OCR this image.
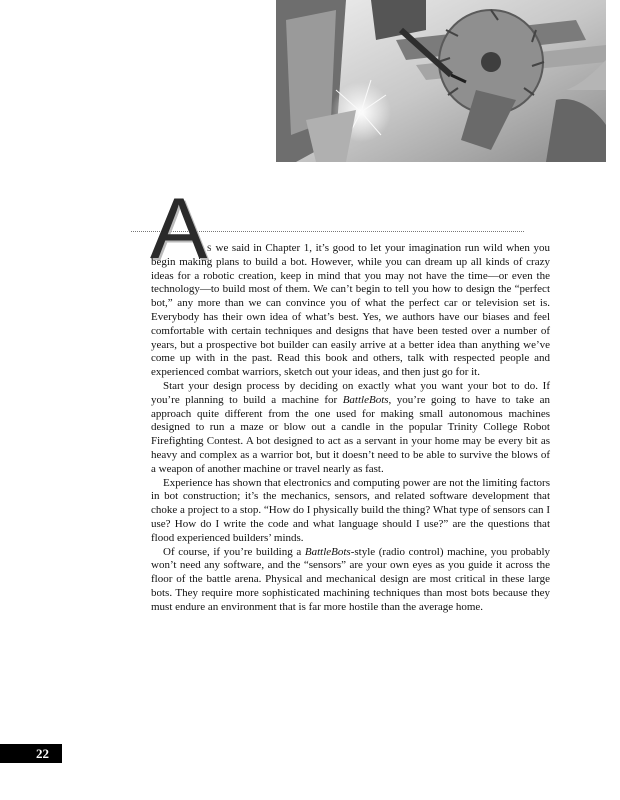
A S we said in Chapter 1, it’s good to let your imagination run wild when you begin making plans to build a bot. However, while you can dream up all kinds of crazy ideas for a robotic creation, keep in mind that you may not have the time—or even the technology—to build most of them. We can’t begin to tell you how to design the “perfect bot,” any more than we can convince you of what the perfect car or television set is. Everybody has their own idea of what’s best. Yes, we authors have our biases and feel comfortable with certain techniques and designs that have been tested over a number of years, but a prospective bot builder can easily arrive at a better idea than anything we’ve come up with in the past. Read this book and others, talk with respected people and experienced combat warriors, sketch out your ideas, and then just go for it.

Start your design process by deciding on exactly what you want your bot to do. If you’re planning to build a machine for BattleBots, you’re going to have to take an approach quite different from the one used for making small autonomous machines designed to run a maze or blow out a candle in the popular Trinity College Robot Firefighting Contest. A bot designed to act as a servant in your home may be every bit as heavy and complex as a warrior bot, but it doesn’t need to be able to survive the blows of a weapon of another machine or travel nearly as fast.

Experience has shown that electronics and computing power are not the limiting factors in bot construction; it’s the mechanics, sensors, and related software development that choke a project to a stop. “How do I physically build the thing? What type of sensors can I use? How do I write the code and what language should I use?” are the questions that flood experienced builders’ minds.

Of course, if you’re building a BattleBots-style (radio control) machine, you probably won’t need any software, and the “sensors” are your own eyes as you guide it across the floor of the battle arena. Physical and mechanical design are most critical in these large bots. They require more sophisticated machining techniques than most bots because they must endure an environment that is far more hostile than the average home.

22
